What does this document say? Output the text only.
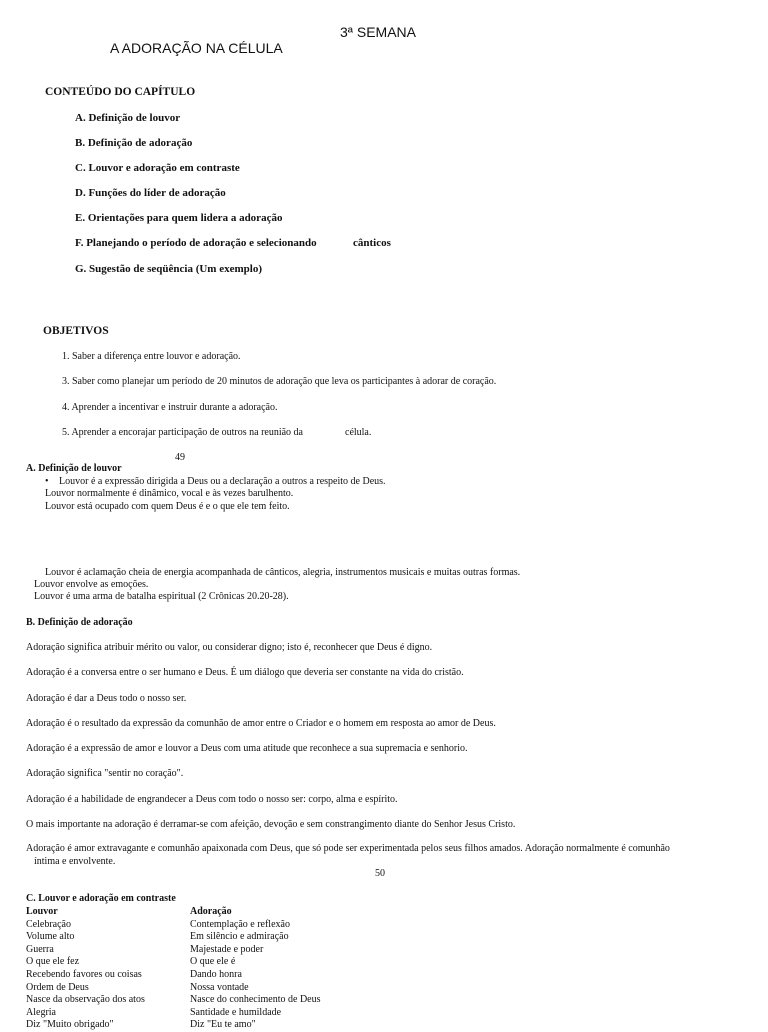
3ª SEMANA
A ADORAÇÃO NA CÉLULA
CONTEÚDO DO CAPÍTULO
A. Definição de louvor
B. Definição de adoração
C. Louvor e adoração em contraste
D. Funções do líder de adoração
E. Orientações para quem lidera a adoração
F. Planejando o período de adoração e selecionando	cânticos
G. Sugestão de seqüência (Um exemplo)
OBJETIVOS
1. Saber a diferença entre louvor e adoração.
3. Saber como planejar um período de 20 minutos de adoração que leva os participantes à adorar de coração.
4. Aprender a incentivar e instruir durante a adoração.
5. Aprender a encorajar participação de outros na reunião da	célula.
49
A. Definição de louvor
• Louvor é a expressão dirigida a Deus ou a declaração a outros a respeito de Deus.
Louvor normalmente é dinâmico, vocal e às vezes barulhento.
Louvor está ocupado com quem Deus é e o que ele tem feito.
Louvor é aclamação cheia de energia acompanhada de cânticos, alegria, instrumentos musicais e muitas outras formas.
Louvor envolve as emoções.
Louvor é uma arma de batalha espiritual (2 Crônicas 20.20-28).
B. Definição de adoração
Adoração significa atribuir mérito ou valor, ou considerar digno; isto é, reconhecer que Deus é digno.
Adoração é a conversa entre o ser humano e Deus. É um diálogo que deveria ser constante na vida do cristão.
Adoração é dar a Deus todo o nosso ser.
Adoração é o resultado da expressão da comunhão de amor entre o Criador e o homem em resposta ao amor de Deus.
Adoração é a expressão de amor e louvor a Deus com uma atitude que reconhece a sua supremacia e senhorio.
Adoração significa "sentir no coração".
Adoração é a habilidade de engrandecer a Deus com todo o nosso ser: corpo, alma e espírito.
O mais importante na adoração é derramar-se com afeição, devoção e sem constrangimento diante do Senhor Jesus Cristo.
Adoração é amor extravagante e comunhão apaixonada com Deus, que só pode ser experimentada pelos seus filhos amados. Adoração normalmente é comunhão
íntima e envolvente.
50
C. Louvor e adoração em contraste
Louvor
Celebração
Volume alto
Guerra
O que ele fez
Recebendo favores ou coisas
Ordem de Deus
Nasce da observação dos atos
Alegria
Diz "Muito obrigado"
Adoração
Contemplação e reflexão
Em silêncio e admiração
Majestade e poder
O que ele é
Dando honra
Nossa vontade
Nasce do conhecimento de Deus
Santidade e humildade
Diz "Eu te amo"
